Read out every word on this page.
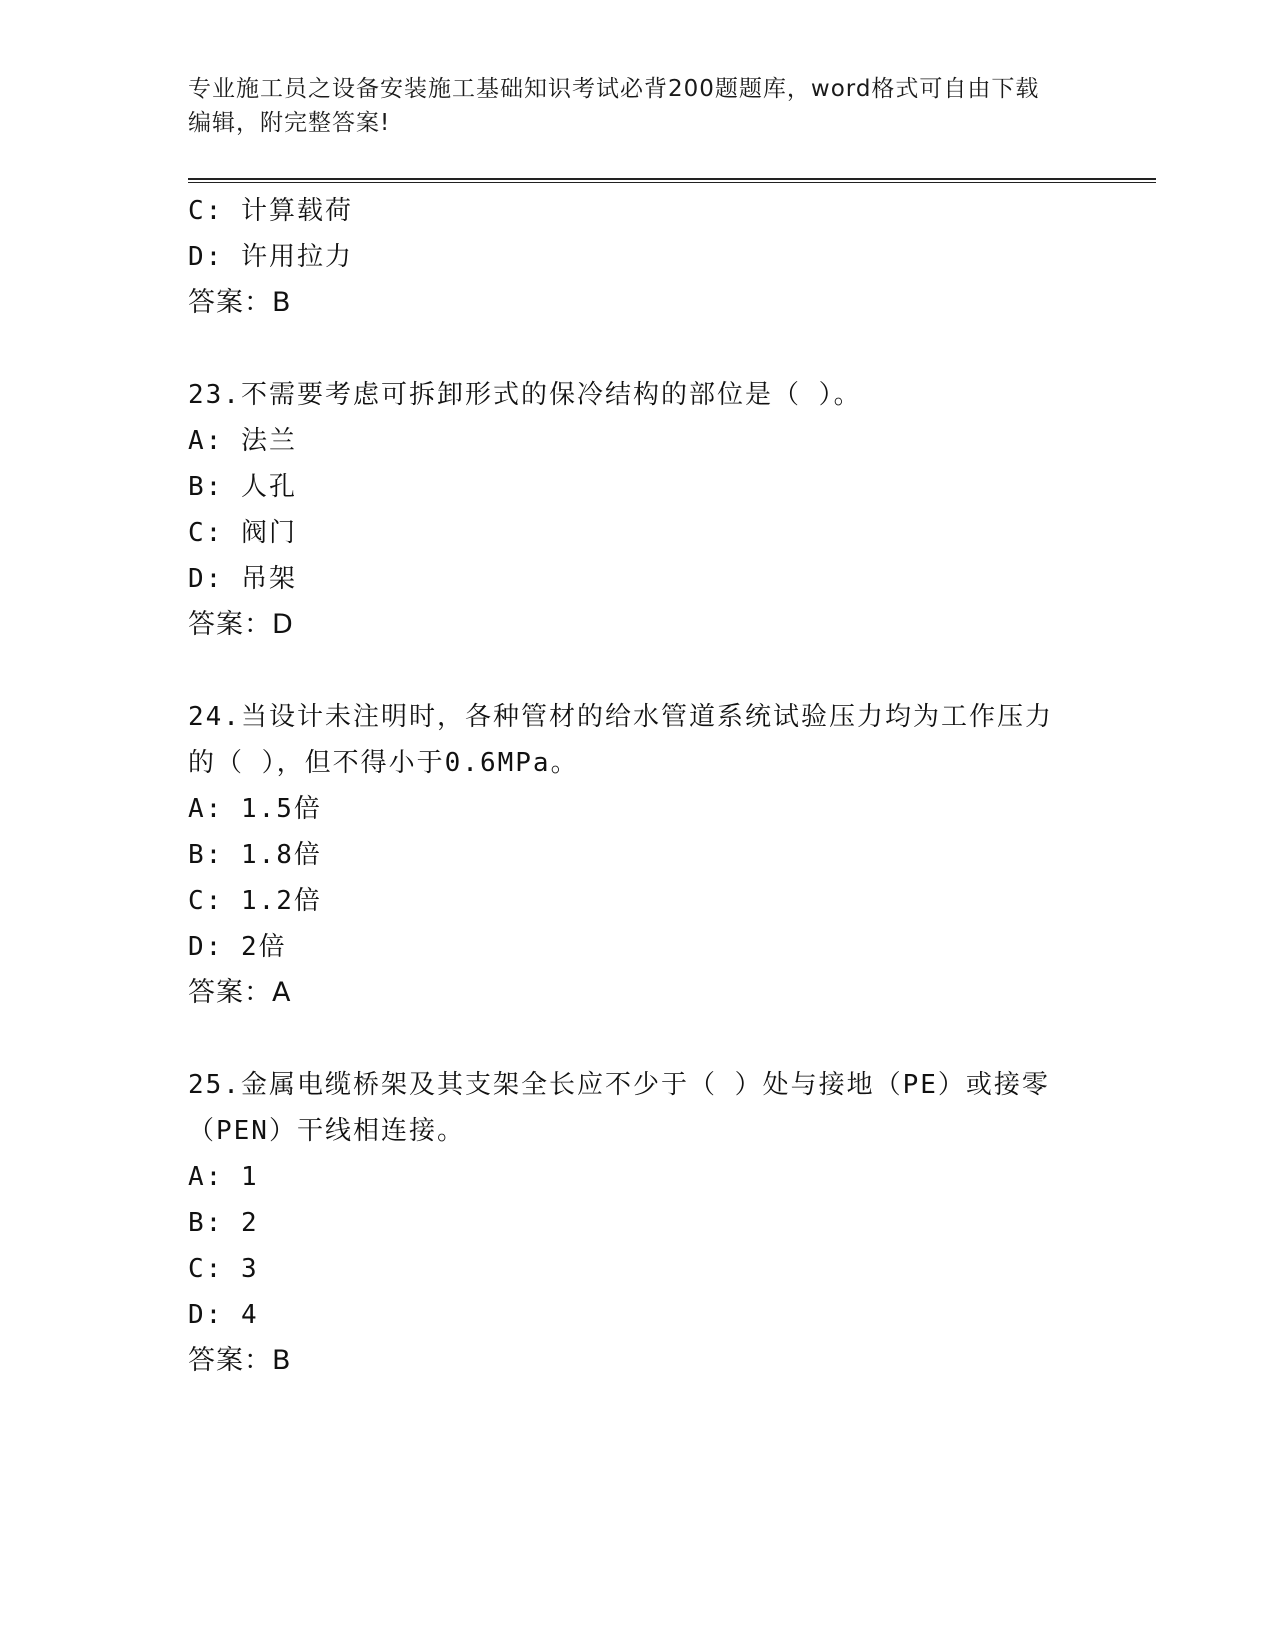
专业施工员之设备安装施工基础知识考试必背200题题库，word格式可自由下载
编辑，附完整答案!
C: 计算载荷
D: 许用拉力
答案：B
23.不需要考虑可拆卸形式的保冷结构的部位是（ ）。
A: 法兰
B: 人孔
C: 阀门
D: 吊架
答案：D
24.当设计未注明时，各种管材的给水管道系统试验压力均为工作压力
的（ ），但不得小于0.6MPa。
A: 1.5倍
B: 1.8倍
C: 1.2倍
D: 2倍
答案：A
25.金属电缆桥架及其支架全长应不少于（ ）处与接地（PE）或接零
（PEN）干线相连接。
A: 1
B: 2
C: 3
D: 4
答案：B
